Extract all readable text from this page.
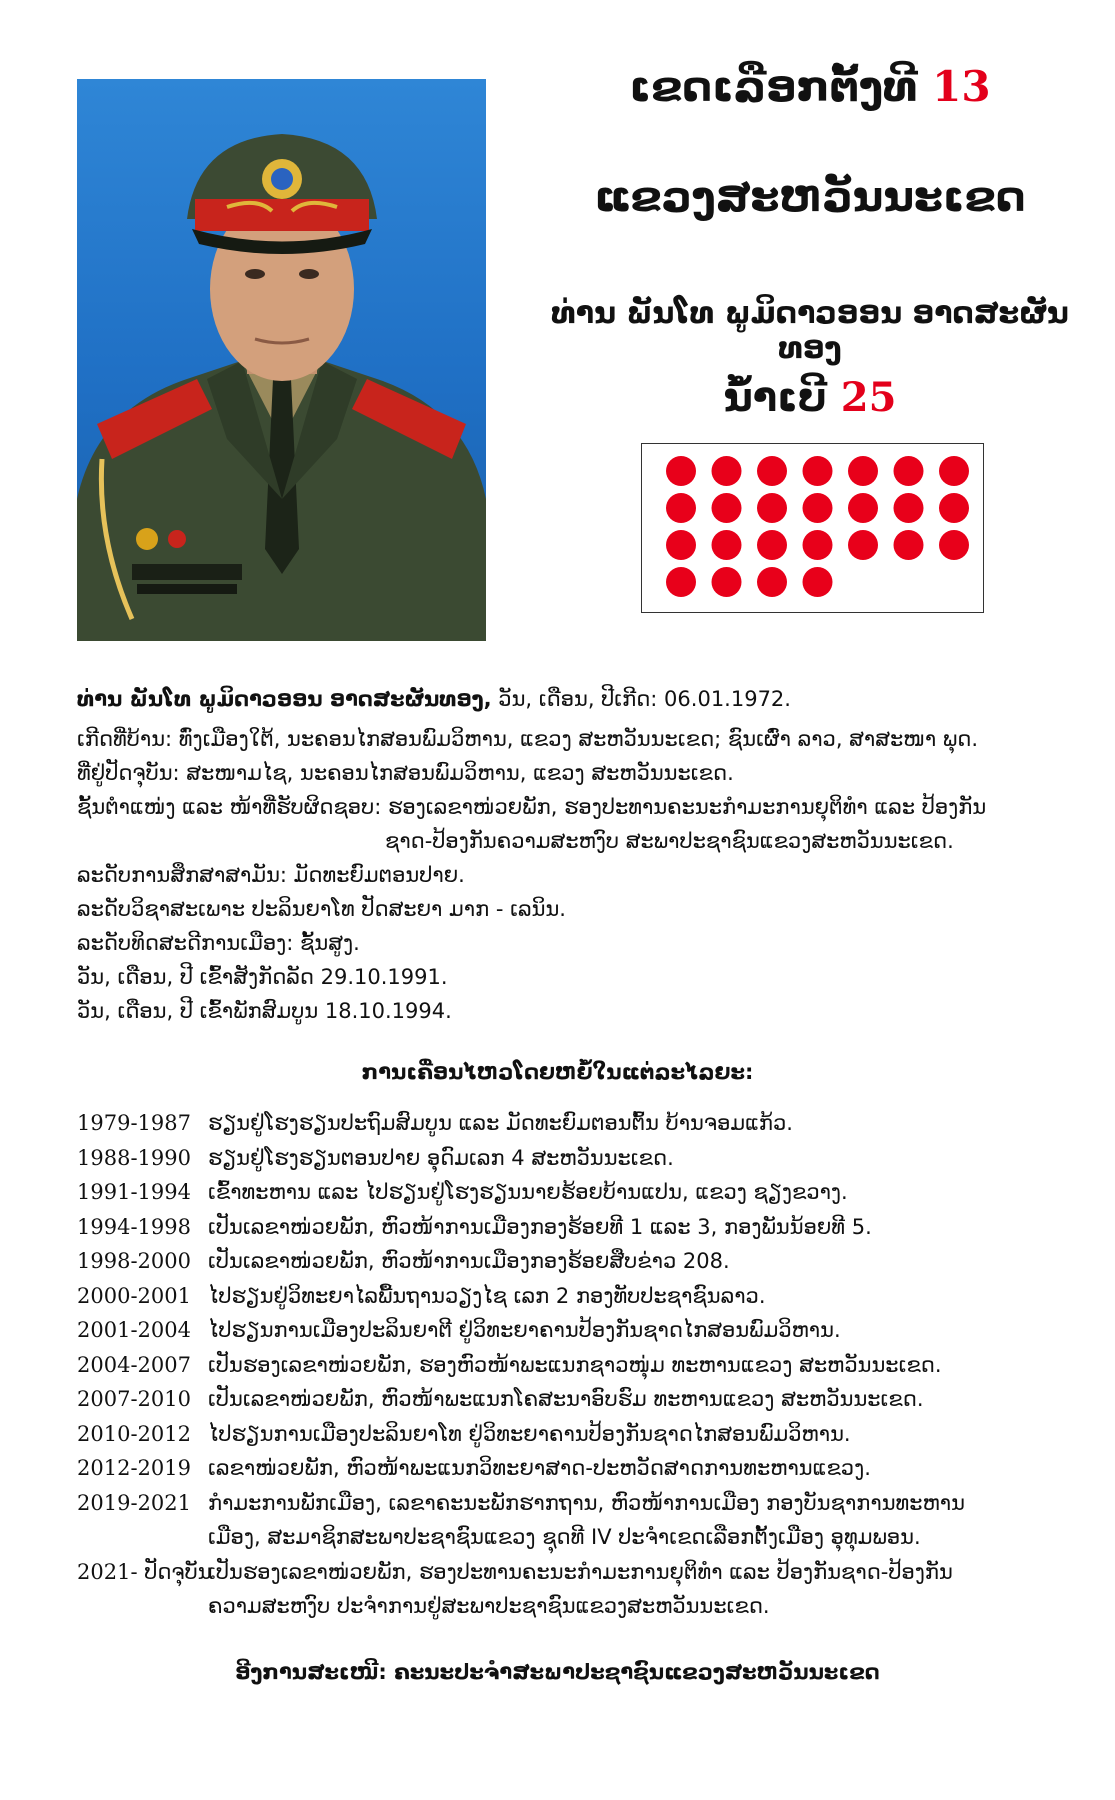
ເຂດເລືອກຕັ້ງທີ 13
ແຂວງສະຫວັນນະເຂດ
ທ່ານ ພັນໂທ ພູມິດາວອອນ ອາດສະຜັນທອງ
ນ້ຳເບີ 25
ທ່ານ ພັນໂທ ພູມິດາວອອນ ອາດສະຜັນທອງ, ວັນ, ເດືອນ, ປີເກີດ: 06.01.1972.
ເກີດທີ່ບ້ານ: ທົ່ງເມືອງໃຕ້, ນະຄອນໄກສອນພົມວິຫານ, ແຂວງ ສະຫວັນນະເຂດ; ຊົນເຜົ່າ ລາວ, ສາສະໜາ ພຸດ.
ທີ່ຢູ່ປັດຈຸບັນ: ສະໜາມໄຊ, ນະຄອນໄກສອນພົມວິຫານ, ແຂວງ ສະຫວັນນະເຂດ.
ຊັ້ນຕຳແໜ່ງ ແລະ ໜ້າທີ່ຮັບຜິດຊອບ: ຮອງເລຂາໜ່ວຍພັກ, ຮອງປະທານຄະນະກຳມະການຍຸຕິທຳ ແລະ ປ້ອງກັນ
ຊາດ-ປ້ອງກັນຄວາມສະຫງົບ ສະພາປະຊາຊົນແຂວງສະຫວັນນະເຂດ.
ລະດັບການສຶກສາສາມັນ: ມັດທະຍົມຕອນປາຍ.
ລະດັບວິຊາສະເພາະ ປະລິນຍາໂທ ປັດສະຍາ ມາກ - ເລນິນ.
ລະດັບທິດສະດີການເມືອງ: ຊັ້ນສູງ.
ວັນ, ເດືອນ, ປີ ເຂົ້າສັງກັດລັດ 29.10.1991.
ວັນ, ເດືອນ, ປີ ເຂົ້າພັກສົມບູນ 18.10.1994.
ການເຄື່ອນໄຫວໂດຍຫຍໍ້ໃນແຕ່ລະໄລຍະ:
1979-1987 ຮຽນຢູ່ໂຮງຮຽນປະຖົມສົມບູນ ແລະ ມັດທະຍົມຕອນຕົ້ນ ບ້ານຈອມແກ້ວ.
1988-1990 ຮຽນຢູ່ໂຮງຮຽນຕອນປາຍ ອຸດົມເລກ 4 ສະຫວັນນະເຂດ.
1991-1994 ເຂົ້າທະຫານ ແລະ ໄປຮຽນຢູ່ໂຮງຮຽນນາຍຮ້ອຍບ້ານແປນ, ແຂວງ ຊຽງຂວາງ.
1994-1998 ເປັນເລຂາໜ່ວຍພັກ, ຫົວໜ້າການເມືອງກອງຮ້ອຍທີ 1 ແລະ 3, ກອງພັນນ້ອຍທີ 5.
1998-2000 ເປັນເລຂາໜ່ວຍພັກ, ຫົວໜ້າການເມືອງກອງຮ້ອຍສືບຂ່າວ 208.
2000-2001 ໄປຮຽນຢູ່ວິທະຍາໄລພື້ນຖານວຽງໄຊ ເລກ 2 ກອງທັບປະຊາຊົນລາວ.
2001-2004 ໄປຮຽນການເມືອງປະລິນຍາຕີ ຢູ່ວິທະຍາຄານປ້ອງກັນຊາດໄກສອນພົມວິຫານ.
2004-2007 ເປັນຮອງເລຂາໜ່ວຍພັກ, ຮອງຫົວໜ້າພະແນກຊາວໜຸ່ມ ທະຫານແຂວງ ສະຫວັນນະເຂດ.
2007-2010 ເປັນເລຂາໜ່ວຍພັກ, ຫົວໜ້າພະແນກໂຄສະນາອົບຮົມ ທະຫານແຂວງ ສະຫວັນນະເຂດ.
2010-2012 ໄປຮຽນການເມືອງປະລິນຍາໂທ ຢູ່ວິທະຍາຄານປ້ອງກັນຊາດໄກສອນພົມວິຫານ.
2012-2019 ເລຂາໜ່ວຍພັກ, ຫົວໜ້າພະແນກວິທະຍາສາດ-ປະຫວັດສາດການທະຫານແຂວງ.
2019-2021 ກຳມະການພັກເມືອງ, ເລຂາຄະນະພັກຮາກຖານ, ຫົວໜ້າການເມືອງ ກອງບັນຊາການທະຫານ
ເມືອງ, ສະມາຊິກສະພາປະຊາຊົນແຂວງ ຊຸດທີ IV ປະຈຳເຂດເລືອກຕັ້ງເມືອງ ອຸທຸມພອນ.
2021- ປັດຈຸບັນ
ເປັນຮອງເລຂາໜ່ວຍພັກ, ຮອງປະທານຄະນະກຳມະການຍຸຕິທຳ ແລະ ປ້ອງກັນຊາດ-ປ້ອງກັນ
ຄວາມສະຫງົບ ປະຈຳການຢູ່ສະພາປະຊາຊົນແຂວງສະຫວັນນະເຂດ.
ອີງການສະເໜີ: ຄະນະປະຈຳສະພາປະຊາຊົນແຂວງສະຫວັນນະເຂດ
